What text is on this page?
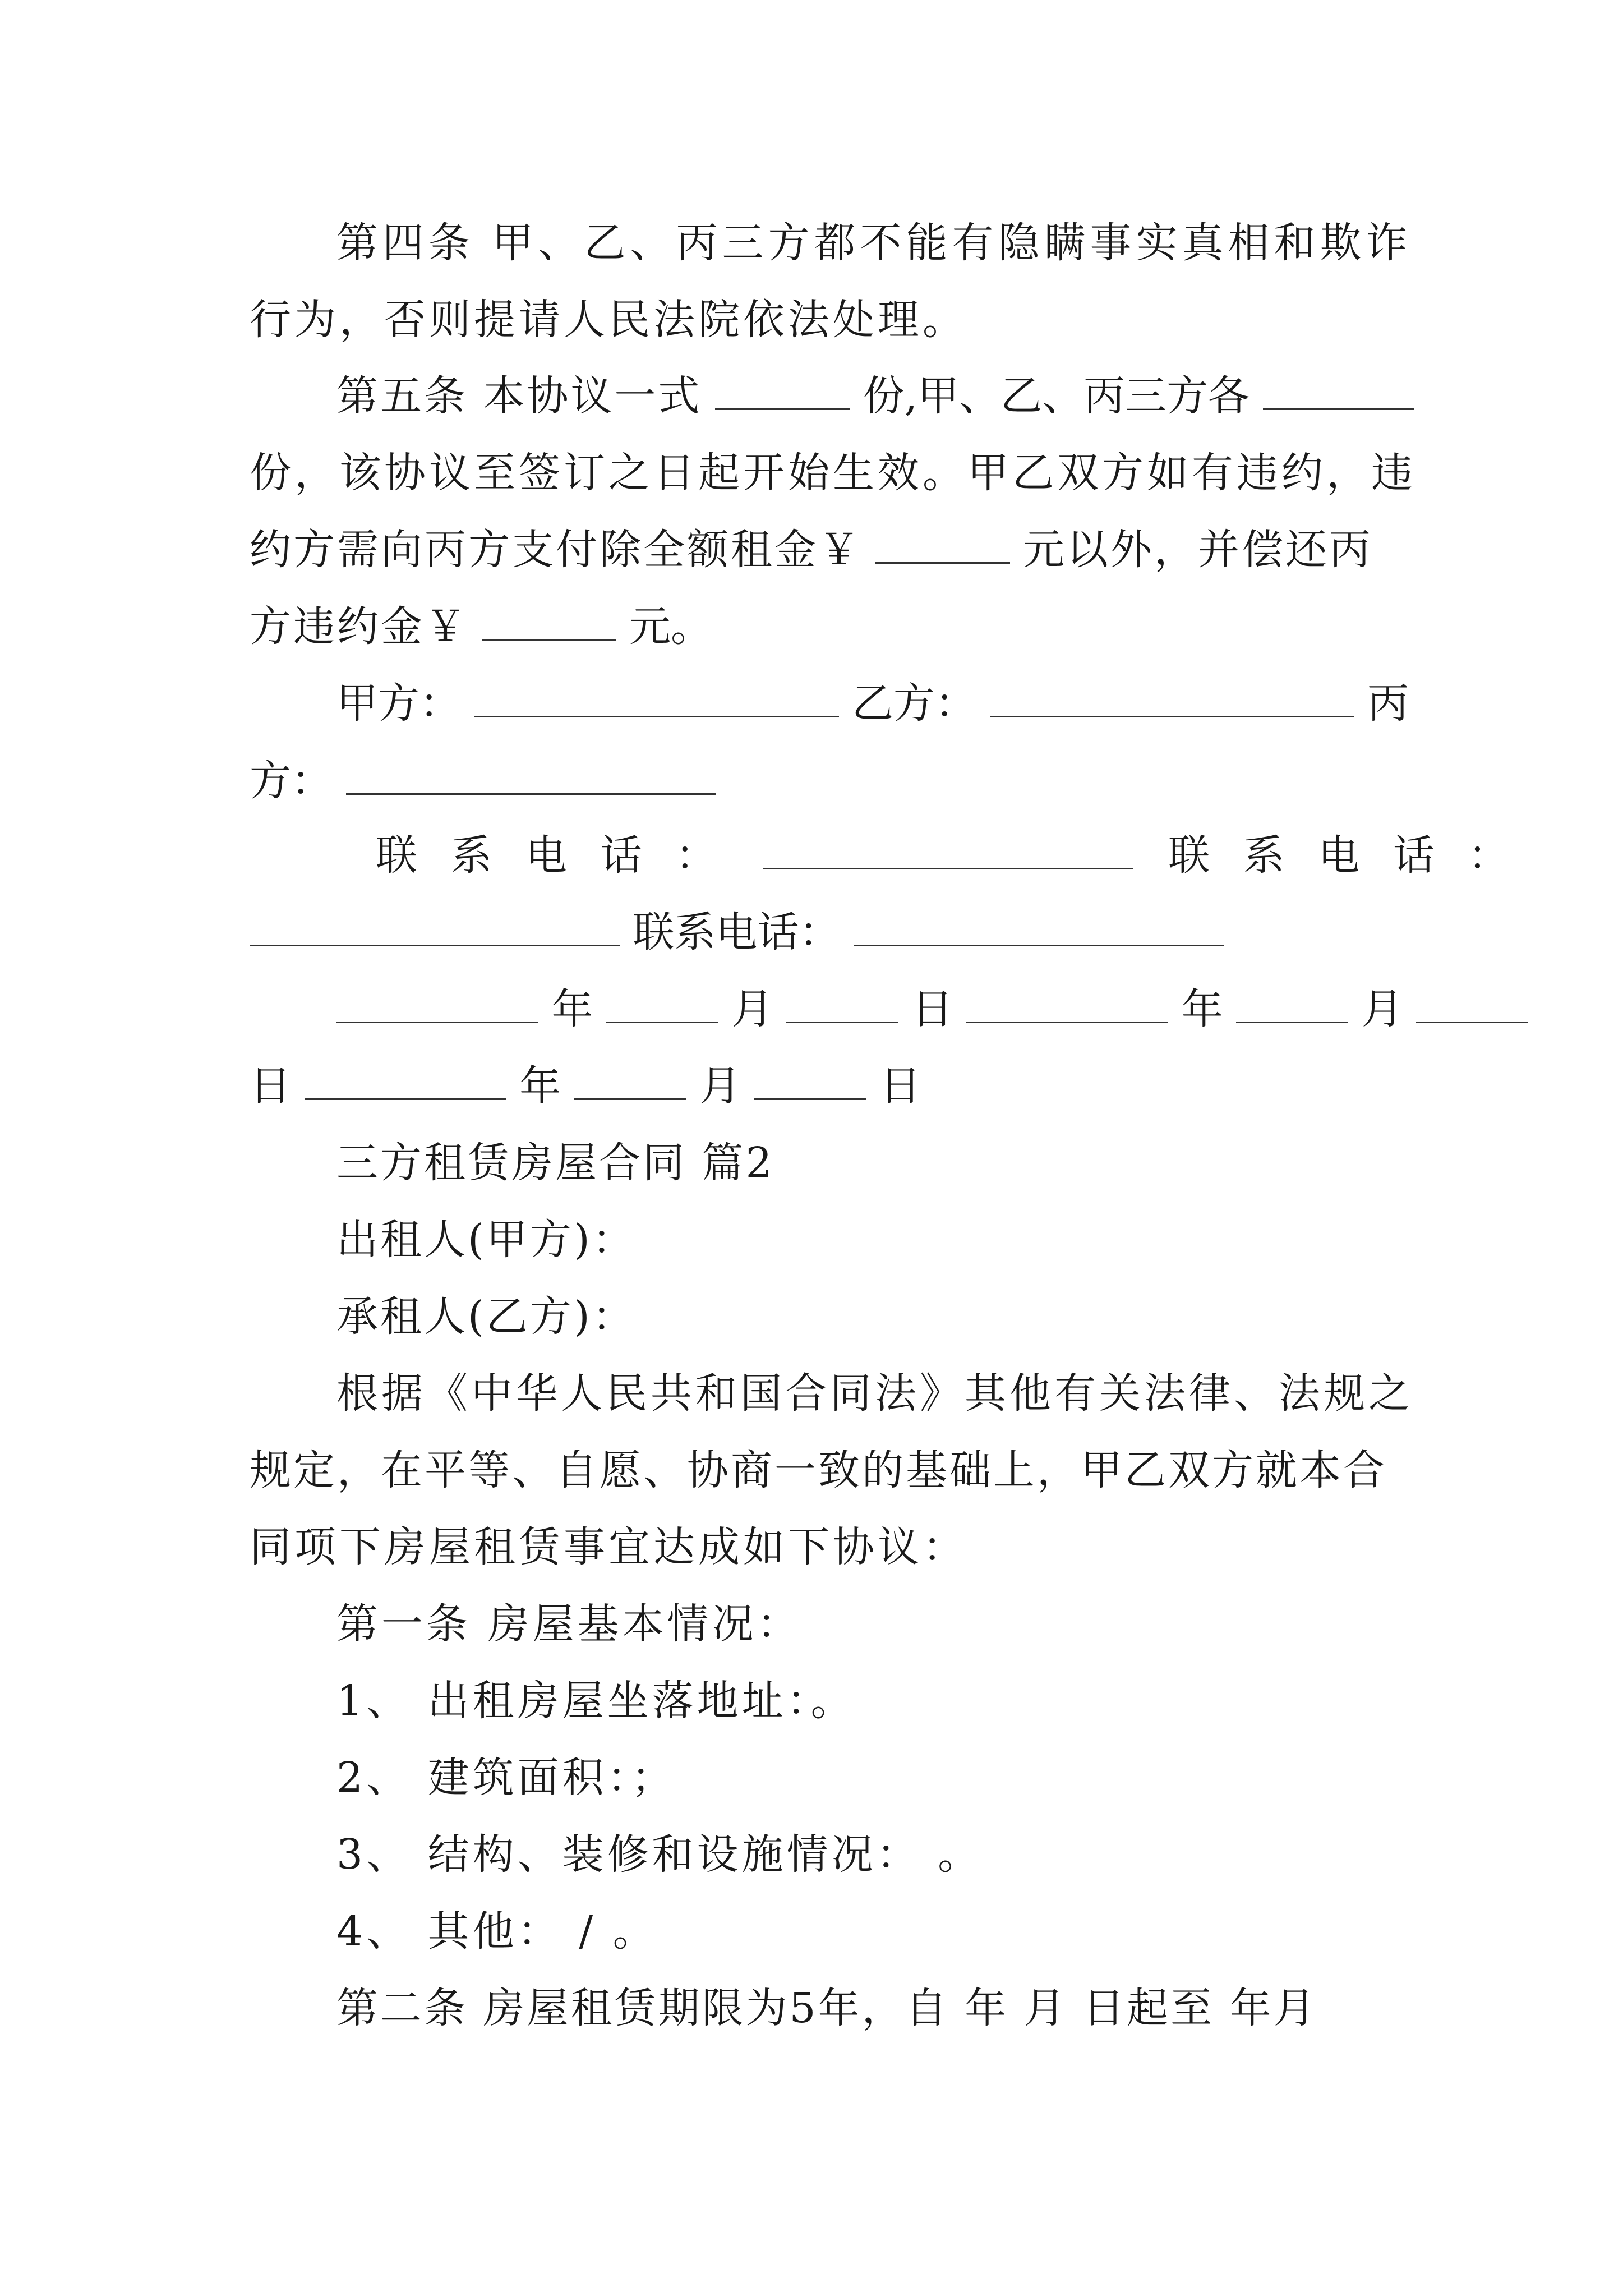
第四条 甲、乙、丙三方都不能有隐瞒事实真相和欺诈
行为，否则提请人民法院依法处理。
第五条 本协议一式	份,甲、乙、丙三方各
份，该协议至签订之日起开始生效。甲乙双方如有违约，违
约方需向丙方支付除全额租金￥	元以外，并偿还丙
方违约金￥	元。
甲方：	乙方：	丙
方：
联 系 电 话 ：	联 系 电 话 ：
联系电话：
年	月	日	年	月
日	年	月	日
三方租赁房屋合同 篇2
出租人(甲方)：
承租人(乙方)：
根据《中华人民共和国合同法》其他有关法律、法规之
规定，在平等、自愿、协商一致的基础上，甲乙双方就本合
同项下房屋租赁事宜达成如下协议：
第一条 房屋基本情况：
1、 出租房屋坐落地址：。
2、 建筑面积：；
3、 结构、装修和设施情况： 。
4、 其他： / 。
第二条 房屋租赁期限为5年，自 年 月 日起至 年月
